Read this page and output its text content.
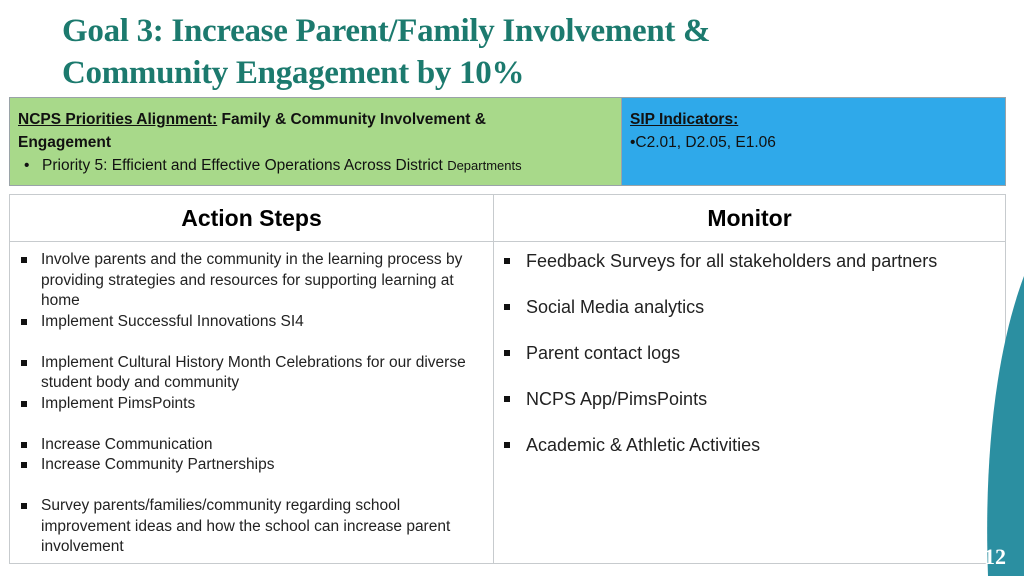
Goal 3: Increase Parent/Family Involvement &
Community Engagement by 10%
NCPS Priorities Alignment: Family & Community Involvement &
Engagement
• Priority 5: Efficient and Effective Operations Across District Departments
SIP Indicators:
•C2.01, D2.05, E1.06
Action Steps	Monitor
Involve parents and the community in the learning process by providing strategies and resources for supporting learning at home
Implement Successful Innovations SI4
Implement Cultural History Month Celebrations for our diverse student body and community
Implement PimsPoints
Increase Communication
Increase Community Partnerships
Survey parents/families/community regarding school improvement ideas and how the school can increase parent involvement
Feedback Surveys for all stakeholders and partners
Social Media analytics
Parent contact logs
NCPS App/PimsPoints
Academic & Athletic Activities
12
